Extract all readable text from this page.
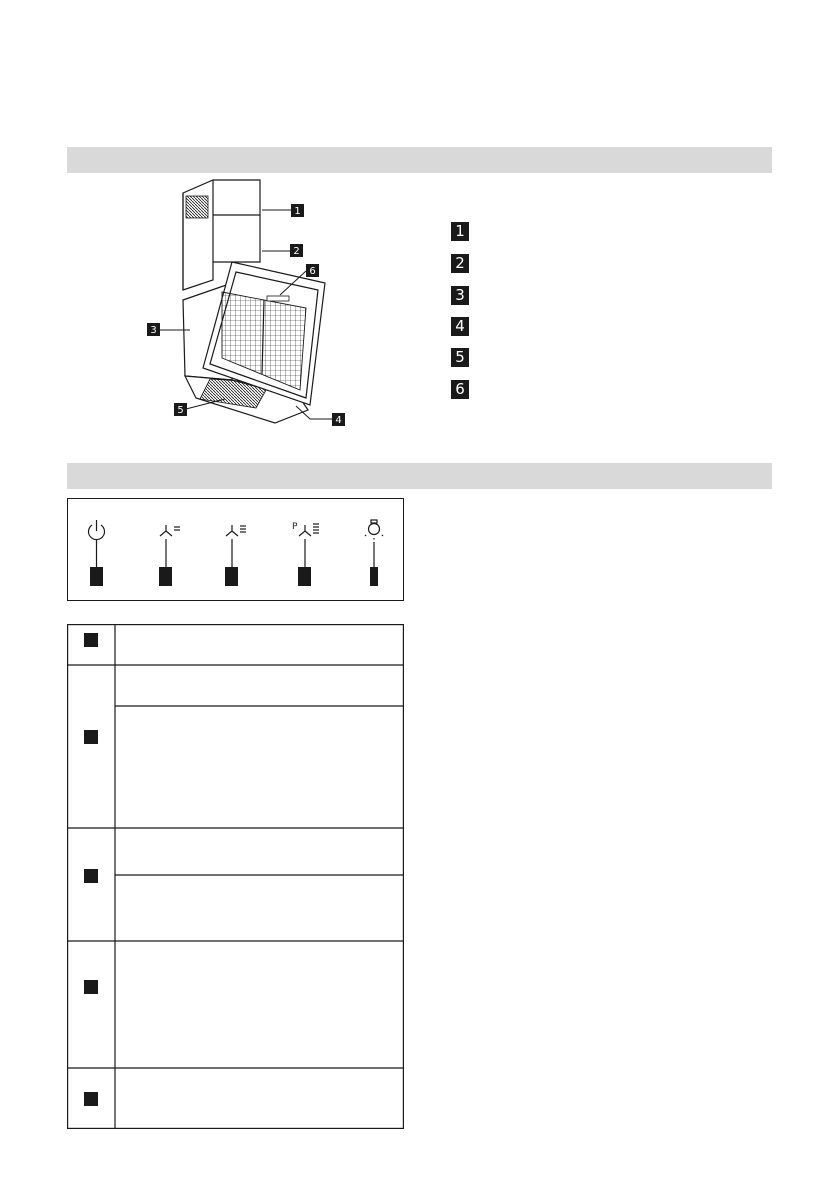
1
2
6
3
5
4
1
2
3
4
5
6
P
